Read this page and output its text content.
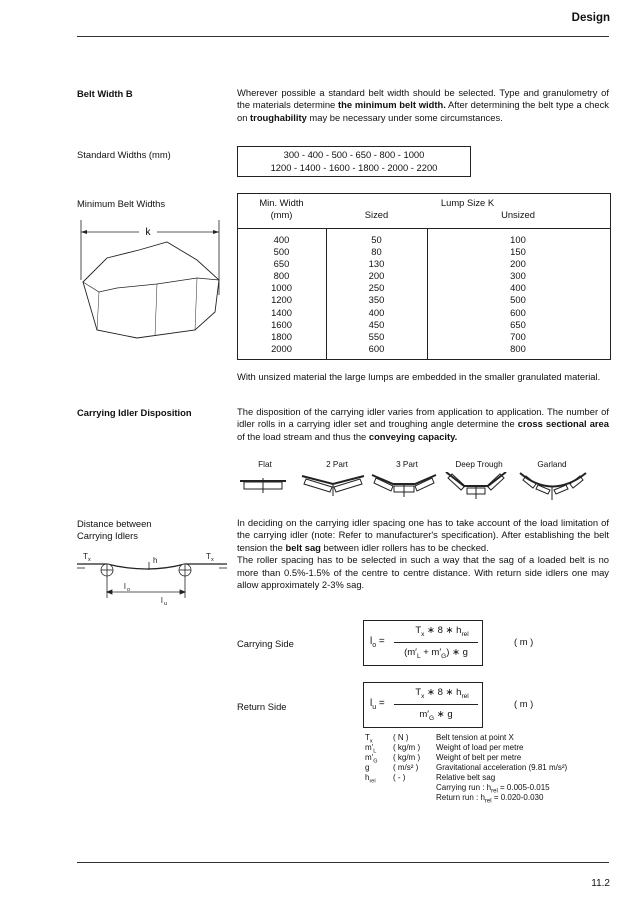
Design
Belt Width B	Wherever possible a standard belt width should be selected. Type and granulometry of the materials determine the minimum belt width. After determining the belt type a check on troughability may be necessary under some circumstances.
Standard Widths (mm)	300 - 400 - 500 - 650 - 800 - 1000
1200 - 1400 - 1600 - 1800 - 2000 - 2200
Minimum Belt Widths
k
Min. Width
(mm)
Lump Size K
Sized	Unsized
400	50	100
500	80	150
650	130	200
800	200	300
1000	250	400
1200	350	500
1400	400	600
1600	450	650
1800	550	700
2000	600	800
With unsized material the large lumps are embedded in the smaller granulated material.
Carrying Idler Disposition	The disposition of the carrying idler varies from application to application. The number of idler rolls in a carrying idler set and troughing angle determine the cross sectional area of the load stream and thus the conveying capacity.
Flat	2 Part	3 Part	Deep Trough	Garland
Distance between
Carrying Idlers
T x	T x
h
l o
l u
In deciding on the carrying idler spacing one has to take account of the load limitation of the carrying idler (note: Refer to manufacturer's specification). After establishing the belt tension the belt sag between idler rollers has to be checked.
The roller spacing has to be selected in such a way that the sag of a loaded belt is no more than 0.5%-1.5% of the centre to centre distance. With return side idlers one may allow approximately 2-3% sag.
Carrying Side	$l_o$ =
$T_x$ ∗ 8 ∗ $h_{rel}$
$(m'_L + m'_G)$ ∗ g
( m )
Return Side	$l_u$ =
$T_x$ ∗ 8 ∗ $h_{rel}$
$m'_G$ ∗ g
( m )
$T_x$	( N )	Belt tension at point X
$m'_L$ ( kg/m ) Weight of load per metre
$m'_G$ ( kg/m ) Weight of belt per metre
g	( m/s² ) Gravitational acceleration (9.81 m/s²)
$h_{rel}$ ( - )	Relative belt sag
Carrying run : $h_{rel} = 0.005-0.015$
Return run : $h_{rel} = 0.020-0.030$
11.2
